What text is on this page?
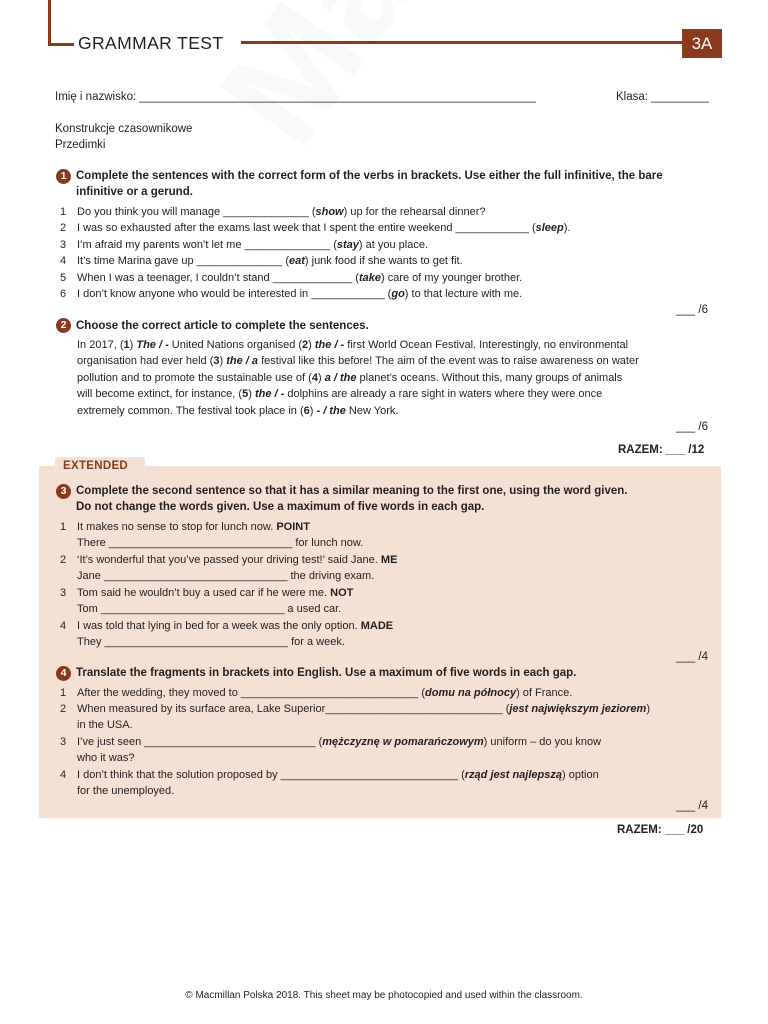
GRAMMAR TEST	3A
Imię i nazwisko: ______________________________________________________________	Klasa: _________
Konstrukcje czasownikowe
Przedimki
1 Complete the sentences with the correct form of the verbs in brackets. Use either the full infinitive, the bare
infinitive or a gerund.
1 Do you think you will manage ______________ (show) up for the rehearsal dinner?
2 I was so exhausted after the exams last week that I spent the entire weekend ____________ (sleep).
3 I’m afraid my parents won’t let me ______________ (stay) at you place.
4 It’s time Marina gave up ______________ (eat) junk food if she wants to get fit.
5 When I was a teenager, I couldn’t stand _____________ (take) care of my younger brother.
6 I don’t know anyone who would be interested in ____________ (go) to that lecture with me.
___ /6
2 Choose the correct article to complete the sentences.
In 2017, (1) The / - United Nations organised (2) the / - first World Ocean Festival. Interestingly, no environmental
organisation had ever held (3) the / a festival like this before! The aim of the event was to raise awareness on water
pollution and to promote the sustainable use of (4) a / the planet’s oceans. Without this, many groups of animals
will become extinct, for instance, (5) the / - dolphins are already a rare sight in waters where they were once
extremely common. The festival took place in (6) - / the New York.
___ /6
RAZEM: ___ /12
EXTENDED
3 Complete the second sentence so that it has a similar meaning to the first one, using the word given.
Do not change the words given. Use a maximum of five words in each gap.
1 It makes no sense to stop for lunch now. POINT
There ______________________________ for lunch now.
2 ‘It’s wonderful that you’ve passed your driving test!’ said Jane. ME
Jane ______________________________ the driving exam.
3 Tom said he wouldn’t buy a used car if he were me. NOT
Tom ______________________________ a used car.
4 I was told that lying in bed for a week was the only option. MADE
They ______________________________ for a week.
___ /4
4 Translate the fragments in brackets into English. Use a maximum of five words in each gap.
1 After the wedding, they moved to _____________________________ (domu na północy) of France.
2 When measured by its surface area, Lake Superior_____________________________ (jest największym jeziorem)
in the USA.
3 I’ve just seen ____________________________ (mężczyznę w pomarańczowym) uniform – do you know
who it was?
4 I don’t think that the solution proposed by _____________________________ (rząd jest najlepszą) option
for the unemployed.
___ /4
RAZEM: ___ /20
© Macmillan Polska 2018. This sheet may be photocopied and used within the classroom.
